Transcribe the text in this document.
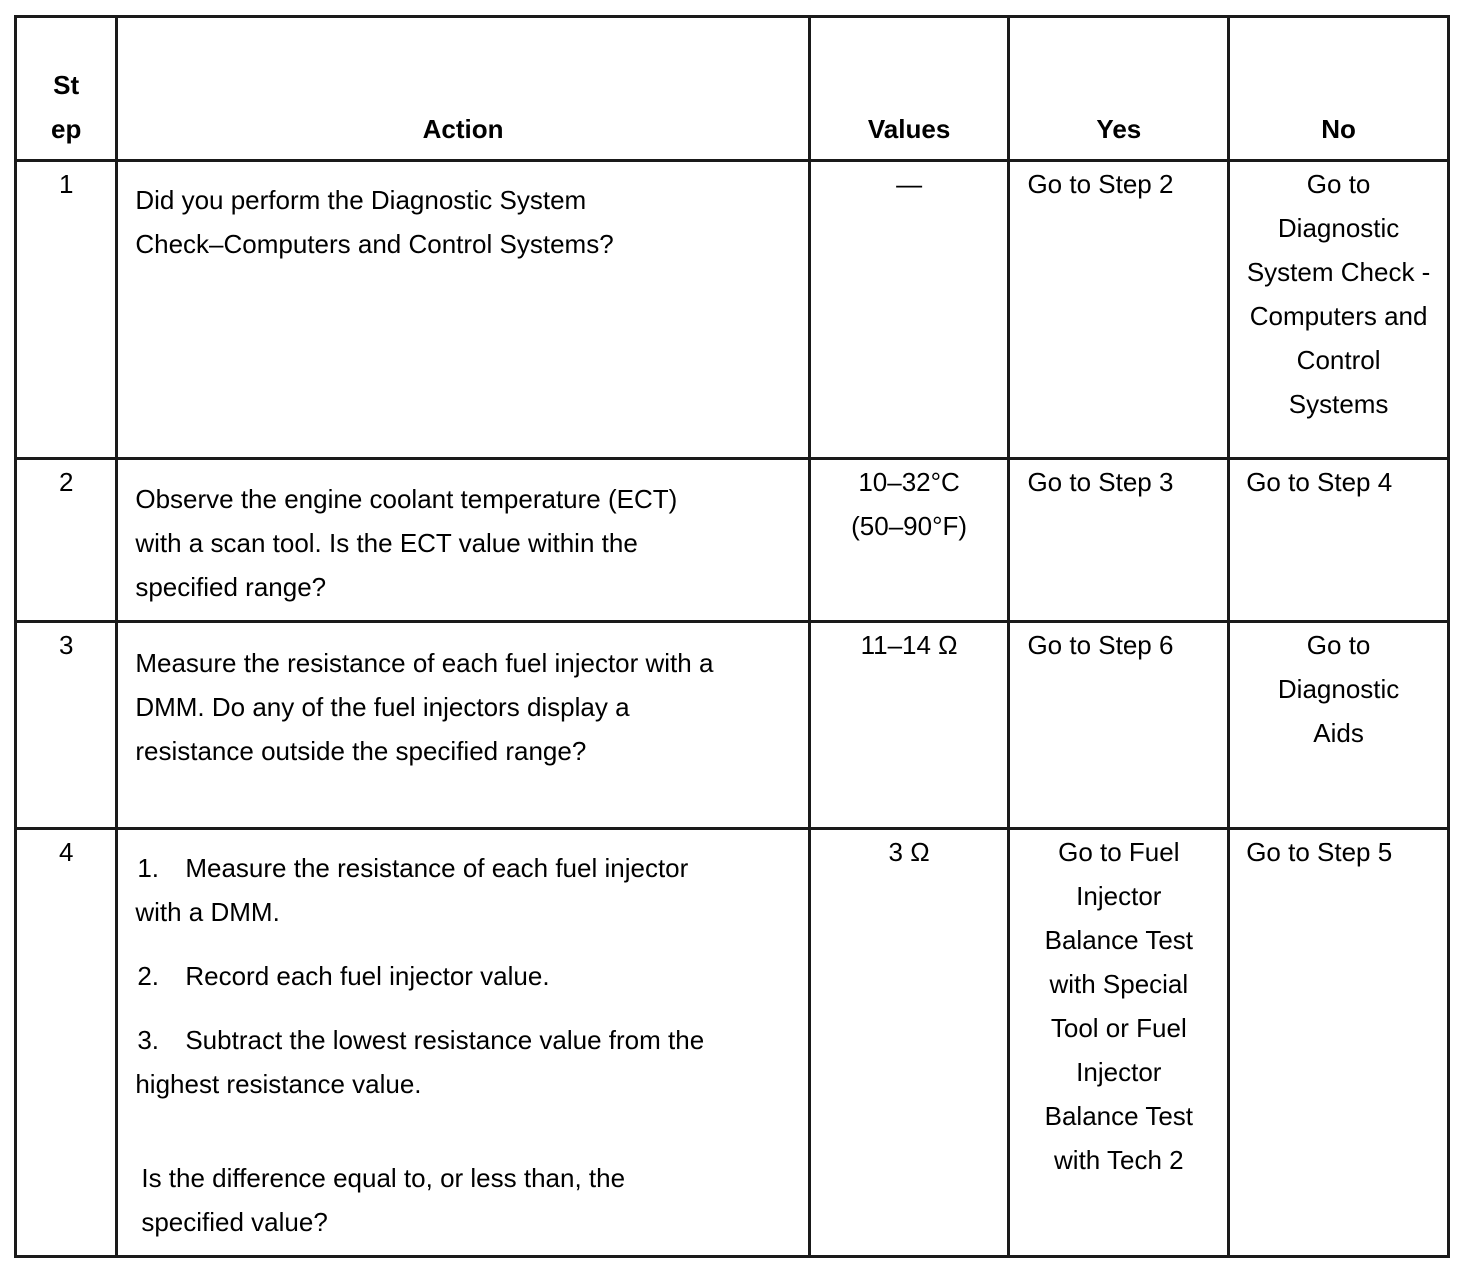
St ep	Action	Values	Yes	No
1	Did you perform the Diagnostic System Check–Computers and Control Systems?	—	Go to Step 2	Go to Diagnostic System Check - Computers and Control Systems

2	Observe the engine coolant temperature (ECT) with a scan tool. Is the ECT value within the specified range?	10–32°C (50–90°F)	Go to Step 3	Go to Step 4
3	Measure the resistance of each fuel injector with a DMM. Do any of the fuel injectors display a resistance outside the specified range?	11–14 Ω	Go to Step 6	Go to Diagnostic Aids

4	1. Measure the resistance of each fuel injector with a DMM.
2. Record each fuel injector value.
3. Subtract the lowest resistance value from the highest resistance value.
Is the difference equal to, or less than, the specified value?	3 Ω	Go to Fuel Injector Balance Test with Special Tool or Fuel Injector Balance Test with Tech 2	Go to Step 5
